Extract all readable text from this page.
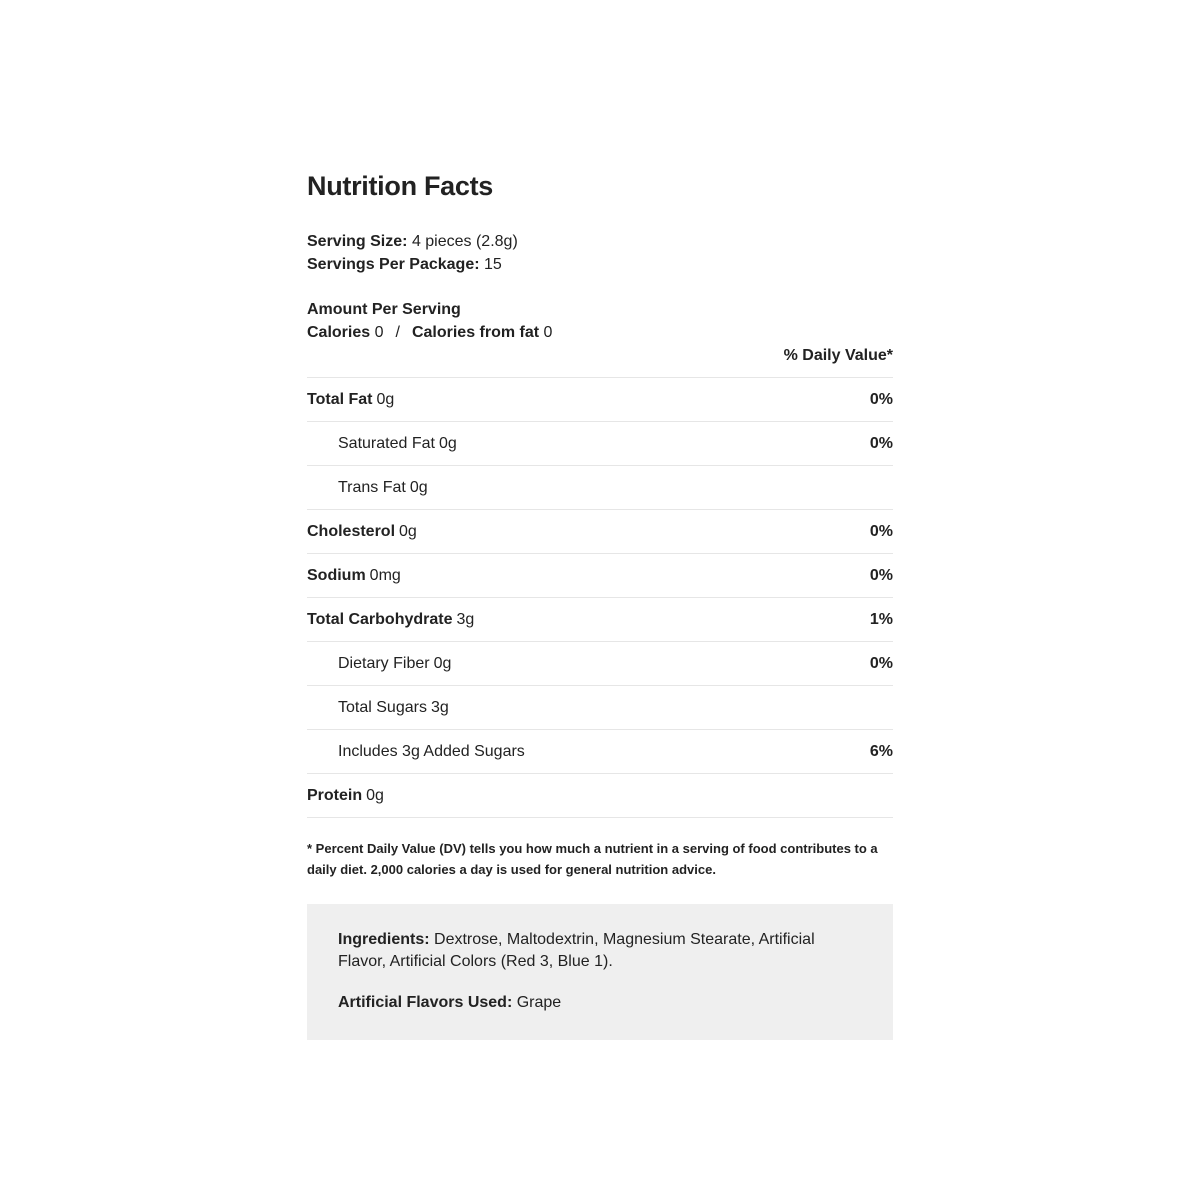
Nutrition Facts
Serving Size: 4 pieces (2.8g)
Servings Per Package: 15
Amount Per Serving
Calories 0 / Calories from fat 0
% Daily Value*
Total Fat 0g	0%
Saturated Fat 0g	0%
Trans Fat 0g
Cholesterol 0g	0%
Sodium 0mg	0%
Total Carbohydrate 3g	1%
Dietary Fiber 0g	0%
Total Sugars 3g
Includes 3g Added Sugars	6%
Protein 0g
* Percent Daily Value (DV) tells you how much a nutrient in a serving of food contributes to a daily diet. 2,000 calories a day is used for general nutrition advice.
Ingredients: Dextrose, Maltodextrin, Magnesium Stearate, Artificial Flavor, Artificial Colors (Red 3, Blue 1).
Artificial Flavors Used: Grape
